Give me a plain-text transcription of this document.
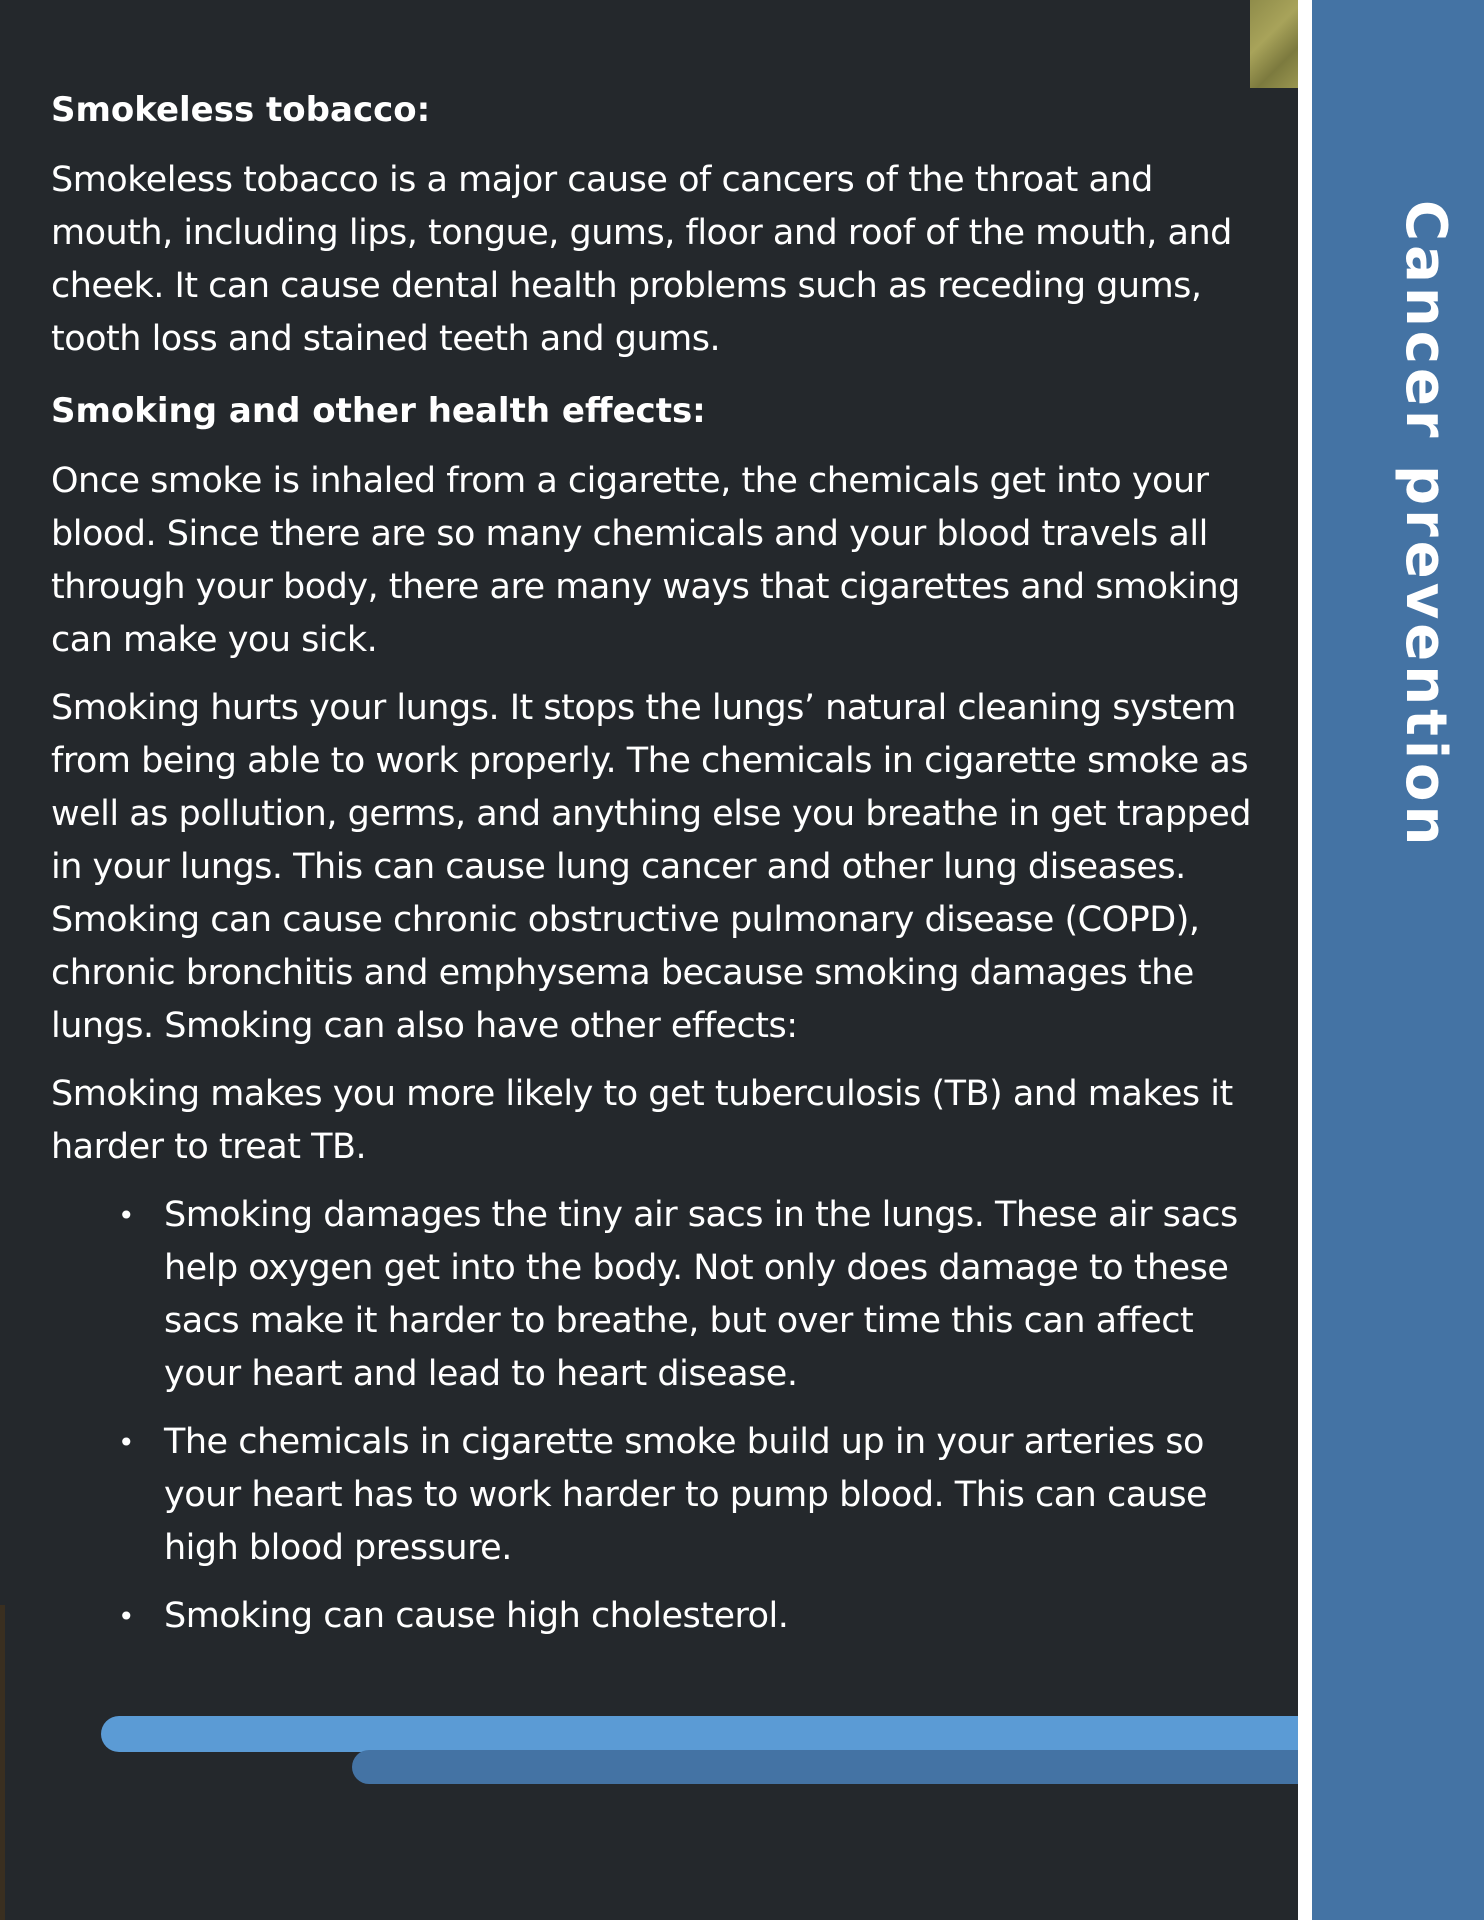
Smokeless tobacco:

Smokeless tobacco is a major cause of cancers of the throat and mouth, including lips, tongue, gums, floor and roof of the mouth, and cheek. It can cause dental health problems such as receding gums, tooth loss and stained teeth and gums.

Smoking and other health effects:

Once smoke is inhaled from a cigarette, the chemicals get into your blood. Since there are so many chemicals and your blood travels all through your body, there are many ways that cigarettes and smoking can make you sick.

Smoking hurts your lungs. It stops the lungs’ natural cleaning system from being able to work properly. The chemicals in cigarette smoke as well as pollution, germs, and anything else you breathe in get trapped in your lungs. This can cause lung cancer and other lung diseases. Smoking can cause chronic obstructive pulmonary disease (COPD), chronic bronchitis and emphysema because smoking damages the lungs. Smoking can also have other effects:

Smoking makes you more likely to get tuberculosis (TB) and makes it harder to treat TB.

• Smoking damages the tiny air sacs in the lungs. These air sacs help oxygen get into the body. Not only does damage to these sacs make it harder to breathe, but over time this can affect your heart and lead to heart disease.
• The chemicals in cigarette smoke build up in your arteries so your heart has to work harder to pump blood. This can cause high blood pressure.
• Smoking can cause high cholesterol.
Cancer prevention
